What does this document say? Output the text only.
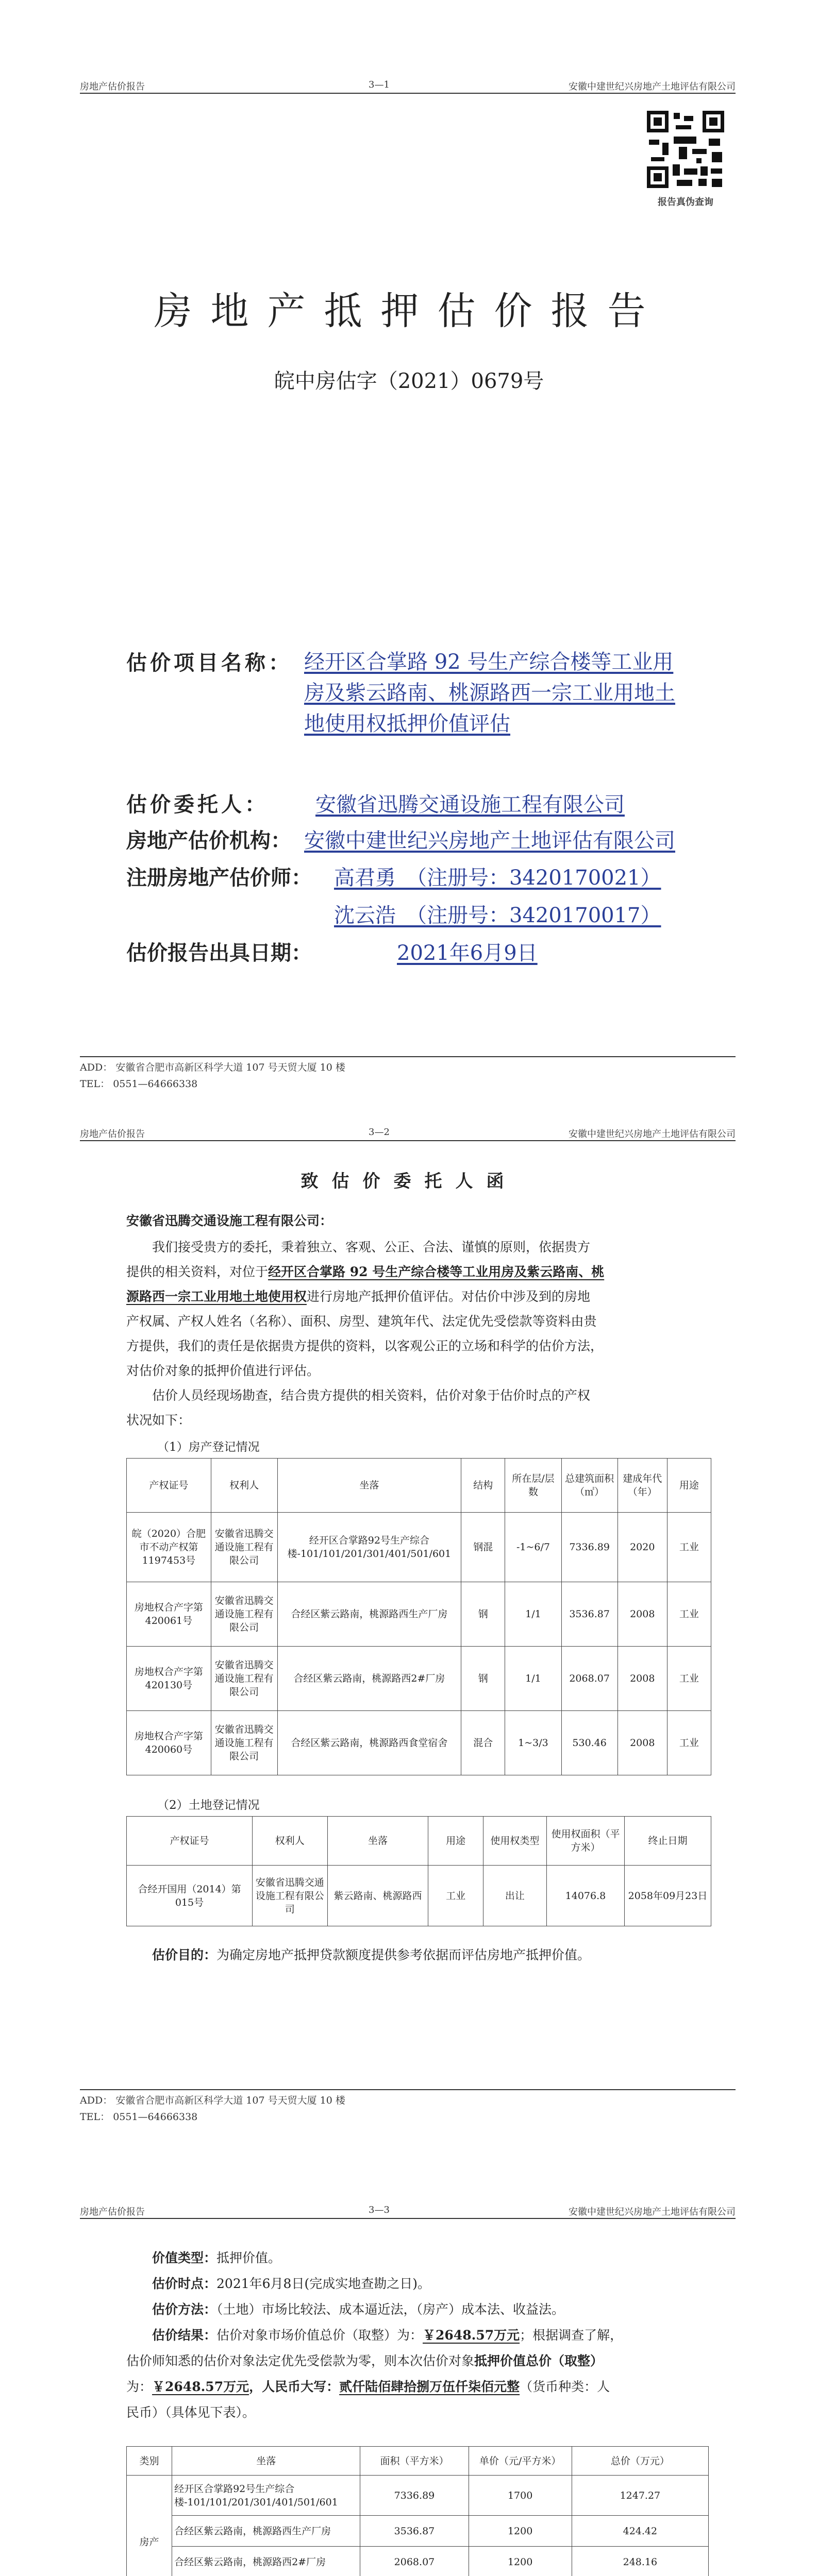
房地产估价报告	3—1	安徽中建世纪兴房地产土地评估有限公司
报告真伪查询
房地产抵押估价报告
皖中房估字（2021）0679号
估价项目名称： 经开区合掌路 92 号生产综合楼等工业用
房及紫云路南、桃源路西一宗工业用地土
地使用权抵押价值评估
估价委托人： 安徽省迅腾交通设施工程有限公司
房地产估价机构： 安徽中建世纪兴房地产土地评估有限公司
注册房地产估价师： 高君勇　（注册号：3420170021）
沈云浩　（注册号：3420170017）
估价报告出具日期：	2021年6月9日
ADD： 安徽省合肥市高新区科学大道 107 号天贸大厦 10 楼
TEL： 0551—64666338
房地产估价报告	3—2	安徽中建世纪兴房地产土地评估有限公司
致估价委托人函
安徽省迅腾交通设施工程有限公司：

我们接受贵方的委托，秉着独立、客观、公正、合法、谨慎的原则，依据贵方

提供的相关资料，对位于经开区合掌路 92 号生产综合楼等工业用房及紫云路南、桃

源路西一宗工业用地土地使用权进行房地产抵押价值评估。对估价中涉及到的房地

产权属、产权人姓名（名称）、面积、房型、建筑年代、法定优先受偿款等资料由贵

方提供，我们的责任是依据贵方提供的资料，以客观公正的立场和科学的估价方法，

对估价对象的抵押价值进行评估。

估价人员经现场勘查，结合贵方提供的相关资料，估价对象于估价时点的产权

状况如下：

（1）房产登记情况
产权证号	权利人	坐落	结构	所在层/层数	总建筑面积（㎡）	建成年代（年）	用途
皖（2020）合肥市不动产权第1197453号	安徽省迅腾交通设施工程有限公司	经开区合掌路92号生产综合楼-101/101/201/301/401/501/601	钢混	-1~6/7	7336.89	2020	工业
房地权合产字第420061号	安徽省迅腾交通设施工程有限公司	合经区紫云路南，桃源路西生产厂房	钢	1/1	3536.87	2008	工业
房地权合产字第420130号	安徽省迅腾交通设施工程有限公司	合经区紫云路南，桃源路西2#厂房	钢	1/1	2068.07	2008	工业
房地权合产字第420060号	安徽省迅腾交通设施工程有限公司	合经区紫云路南，桃源路西食堂宿舍	混合	1~3/3	530.46	2008	工业
（2）土地登记情况
产权证号	权利人	坐落	用途	使用权类型	使用权面积（平方米）	终止日期
合经开国用（2014）第015号	安徽省迅腾交通设施工程有限公司	紫云路南、桃源路西	工业	出让	14076.8	2058年09月23日
估价目的：为确定房地产抵押贷款额度提供参考依据而评估房地产抵押价值。
ADD： 安徽省合肥市高新区科学大道 107 号天贸大厦 10 楼
TEL： 0551—64666338
房地产估价报告	3—3	安徽中建世纪兴房地产土地评估有限公司

价值类型：抵押价值。

估价时点：2021年6月8日(完成实地查勘之日)。

估价方法：（土地）市场比较法、成本逼近法，（房产）成本法、收益法。

估价结果：估价对象市场价值总价（取整）为：￥2648.57万元；根据调查了解，

估价师知悉的估价对象法定优先受偿款为零，则本次估价对象抵押价值总价（取整）

为：￥2648.57万元，人民币大写：贰仟陆佰肆拾捌万伍仟柒佰元整（货币种类：人

民币）（具体见下表）。

类别	坐落	面积（平方米）	单价（元/平方米）	总价（万元）
房产	经开区合掌路92号生产综合楼-101/101/201/301/401/501/601	7336.89	1700	1247.27
	合经区紫云路南，桃源路西生产厂房	3536.87	1200	424.42
	合经区紫云路南，桃源路西2#厂房	2068.07	1200	248.16
